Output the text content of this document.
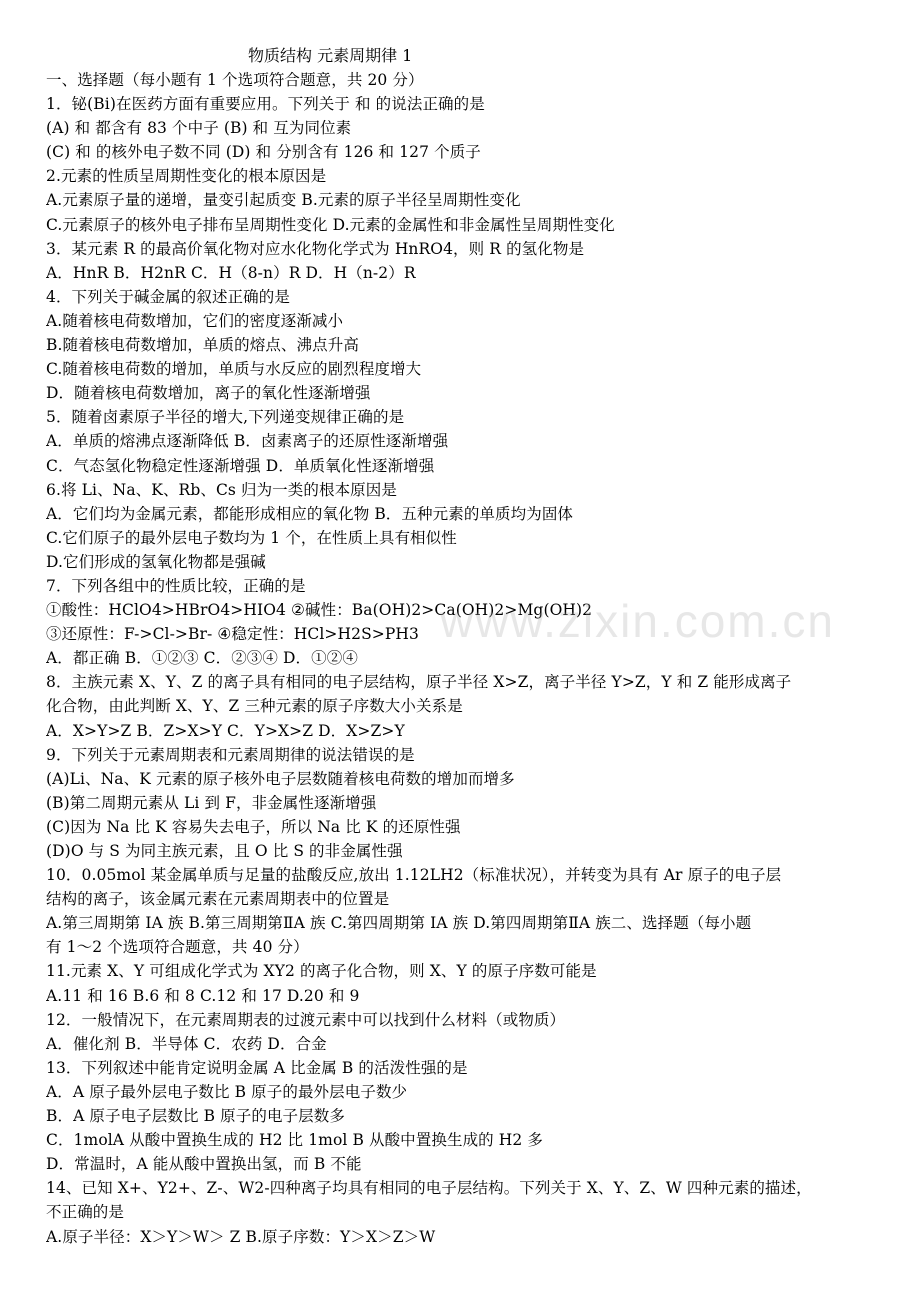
物质结构 元素周期律 1
一、选择题（每小题有 1 个选项符合题意，共 20 分）
1．铋(Bi)在医药方面有重要应用。下列关于 和 的说法正确的是
(A) 和 都含有 83 个中子 (B) 和 互为同位素
(C) 和 的核外电子数不同 (D) 和 分别含有 126 和 127 个质子
2.元素的性质呈周期性变化的根本原因是
A.元素原子量的递增，量变引起质变 B.元素的原子半径呈周期性变化
C.元素原子的核外电子排布呈周期性变化 D.元素的金属性和非金属性呈周期性变化
3．某元素 R 的最高价氧化物对应水化物化学式为 HnRO4，则 R 的氢化物是
A．HnR B．H2nR C．H（8-n）R D．H（n-2）R
4．下列关于碱金属的叙述正确的是
A.随着核电荷数增加，它们的密度逐渐减小
B.随着核电荷数增加，单质的熔点、沸点升高
C.随着核电荷数的增加，单质与水反应的剧烈程度增大
D．随着核电荷数增加，离子的氧化性逐渐增强
5．随着卤素原子半径的增大,下列递变规律正确的是
A．单质的熔沸点逐渐降低 B．卤素离子的还原性逐渐增强
C．气态氢化物稳定性逐渐增强 D．单质氧化性逐渐增强
6.将 Li、Na、K、Rb、Cs 归为一类的根本原因是
A．它们均为金属元素，都能形成相应的氧化物 B．五种元素的单质均为固体
C.它们原子的最外层电子数均为 1 个，在性质上具有相似性
D.它们形成的氢氧化物都是强碱
7．下列各组中的性质比较，正确的是
①酸性：HClO4>HBrO4>HIO4 ②碱性：Ba(OH)2>Ca(OH)2>Mg(OH)2
③还原性：F->Cl->Br- ④稳定性：HCl>H2S>PH3
A．都正确 B．①②③ C．②③④ D．①②④
8．主族元素 X、Y、Z 的离子具有相同的电子层结构，原子半径 X>Z，离子半径 Y>Z，Y 和 Z 能形成离子
化合物，由此判断 X、Y、Z 三种元素的原子序数大小关系是
A．X>Y>Z B．Z>X>Y C．Y>X>Z D．X>Z>Y
9．下列关于元素周期表和元素周期律的说法错误的是
(A)Li、Na、K 元素的原子核外电子层数随着核电荷数的增加而增多
(B)第二周期元素从 Li 到 F，非金属性逐渐增强
(C)因为 Na 比 K 容易失去电子，所以 Na 比 K 的还原性强
(D)O 与 S 为同主族元素，且 O 比 S 的非金属性强
10．0.05mol 某金属单质与足量的盐酸反应,放出 1.12LH2（标准状况），并转变为具有 Ar 原子的电子层
结构的离子，该金属元素在元素周期表中的位置是
A.第三周期第 IA 族 B.第三周期第ⅡA 族 C.第四周期第 IA 族 D.第四周期第ⅡA 族二、选择题（每小题
有 1～2 个选项符合题意，共 40 分）
11.元素 X、Y 可组成化学式为 XY2 的离子化合物，则 X、Y 的原子序数可能是
A.11 和 16 B.6 和 8 C.12 和 17 D.20 和 9
12．一般情况下，在元素周期表的过渡元素中可以找到什么材料（或物质）
A．催化剂 B．半导体 C．农药 D．合金
13．下列叙述中能肯定说明金属 A 比金属 B 的活泼性强的是
A．A 原子最外层电子数比 B 原子的最外层电子数少
B．A 原子电子层数比 B 原子的电子层数多
C．1molA 从酸中置换生成的 H2 比 1mol B 从酸中置换生成的 H2 多
D．常温时，A 能从酸中置换出氢，而 B 不能
14、已知 X+、Y2+、Z-、W2-四种离子均具有相同的电子层结构。下列关于 X、Y、Z、W 四种元素的描述，
不正确的是
A.原子半径：X＞Y＞W＞ Z B.原子序数：Y＞X＞Z＞W
www.zixin.com.cn
